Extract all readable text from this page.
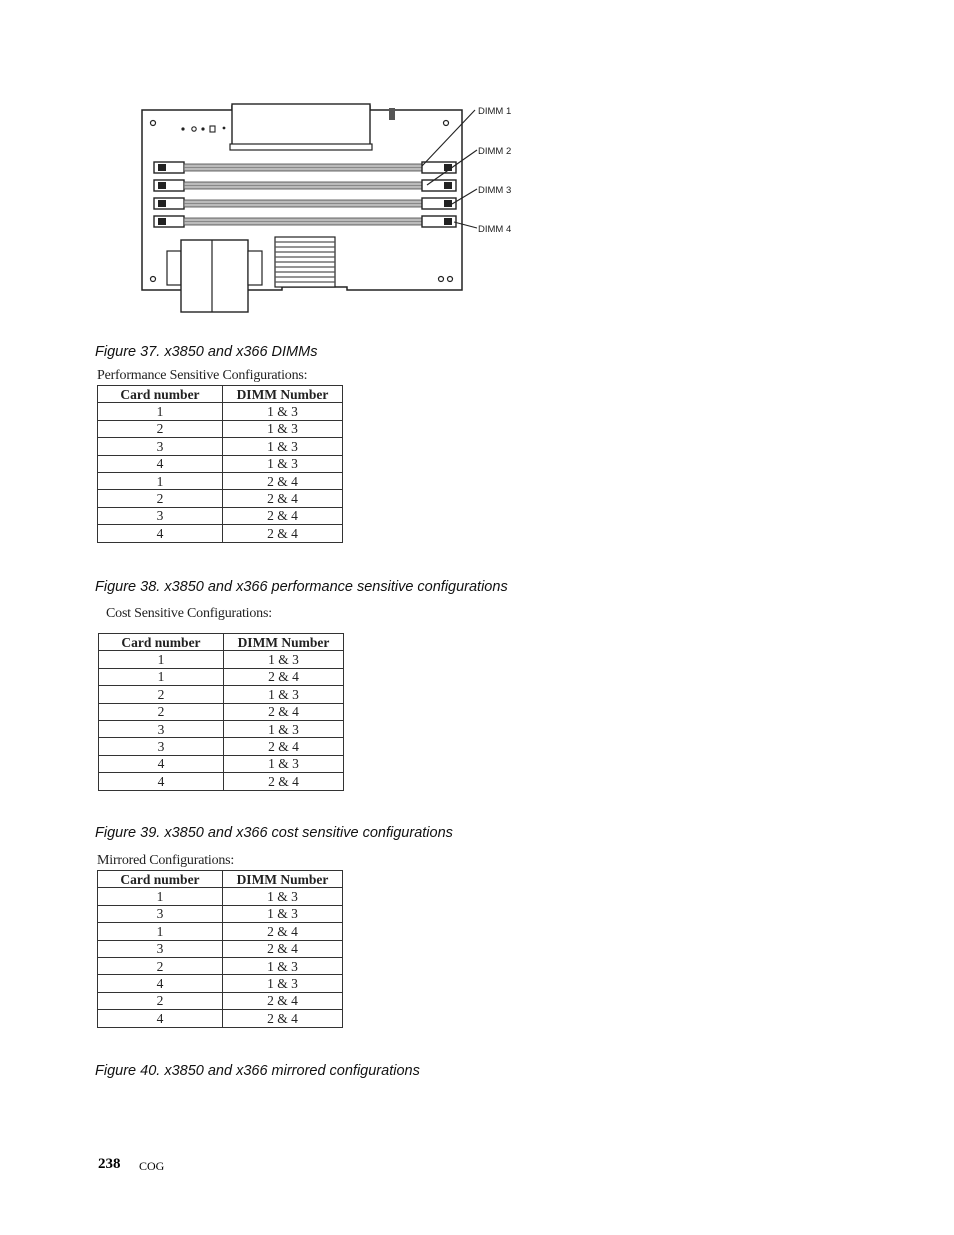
DIMM 1
DIMM 2
DIMM 3
DIMM 4
Figure 37. x3850 and x366 DIMMs
Performance Sensitive Configurations:
Card number	DIMM Number
1	1 & 3
2	1 & 3
3	1 & 3
4	1 & 3
1	2 & 4
2	2 & 4
3	2 & 4
4	2 & 4
Figure 38. x3850 and x366 performance sensitive configurations
Cost Sensitive Configurations:
Card number	DIMM Number
1	1 & 3
1	2 & 4
2	1 & 3
2	2 & 4
3	1 & 3
3	2 & 4
4	1 & 3
4	2 & 4
Figure 39. x3850 and x366 cost sensitive configurations
Mirrored Configurations:
Card number	DIMM Number
1	1 & 3
3	1 & 3
1	2 & 4
3	2 & 4
2	1 & 3
4	1 & 3
2	2 & 4
4	2 & 4
Figure 40. x3850 and x366 mirrored configurations
238 COG
